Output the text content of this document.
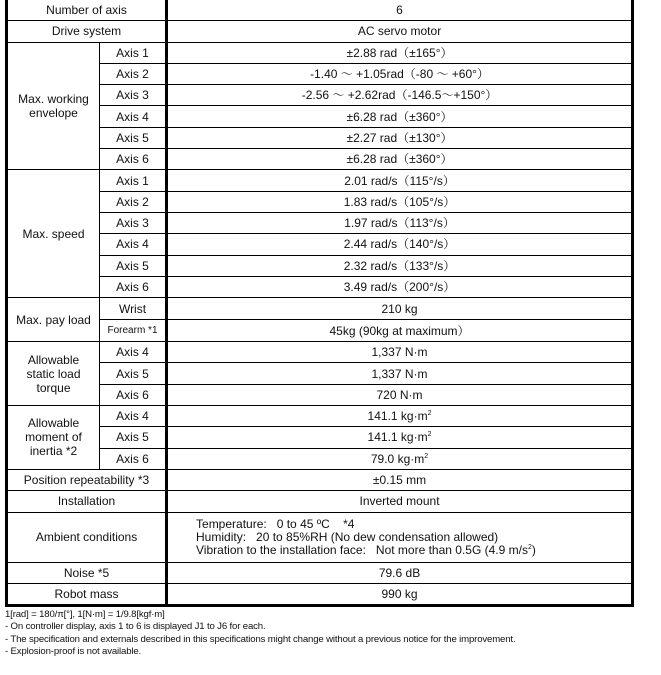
Number of axis		6
Drive system		AC servo motor
Max. working envelope	Axis 1	±2.88 rad（±165°）
	Axis 2	-1.40 ～ +1.05rad（-80 ～ +60°）
	Axis 3	-2.56 ～ +2.62rad（-146.5～+150°）
	Axis 4	±6.28 rad（±360°）
	Axis 5	±2.27 rad（±130°）
	Axis 6	±6.28 rad（±360°）
Max. speed	Axis 1	2.01 rad/s（115°/s）
	Axis 2	1.83 rad/s（105°/s）
	Axis 3	1.97 rad/s（113°/s）
	Axis 4	2.44 rad/s（140°/s）
	Axis 5	2.32 rad/s（133°/s）
	Axis 6	3.49 rad/s（200°/s）
Max. pay load	Wrist	210 kg
	Forearm *1	45kg (90kg at maximum）
Allowable static load torque	Axis 4	1,337 N·m
	Axis 5	1,337 N·m
	Axis 6	720 N·m
Allowable moment of inertia *2	Axis 4	141.1 $kg\cdot m^2$
	Axis 5	141.1 $kg\cdot m^2$
	Axis 6	79.0 $kg\cdot m^2$
Position repeatability *3		±0.15 mm
Installation		Inverted mount
Ambient conditions		Temperature:   0 to 45 ºC    *4
Humidity:   20 to 85%RH (No dew condensation allowed)
Vibration to the installation face:   Not more than 0.5G (4.9 $m/s^2$)

Noise *5		79.6 dB
Robot mass		990 kg
1[rad] = 180/π[°], 1[N·m] = 1/9.8[kgf·m]
- On controller display, axis 1 to 6 is displayed J1 to J6 for each.
- The specification and externals described in this specifications might change without a previous notice for the improvement.
- Explosion-proof is not available.
